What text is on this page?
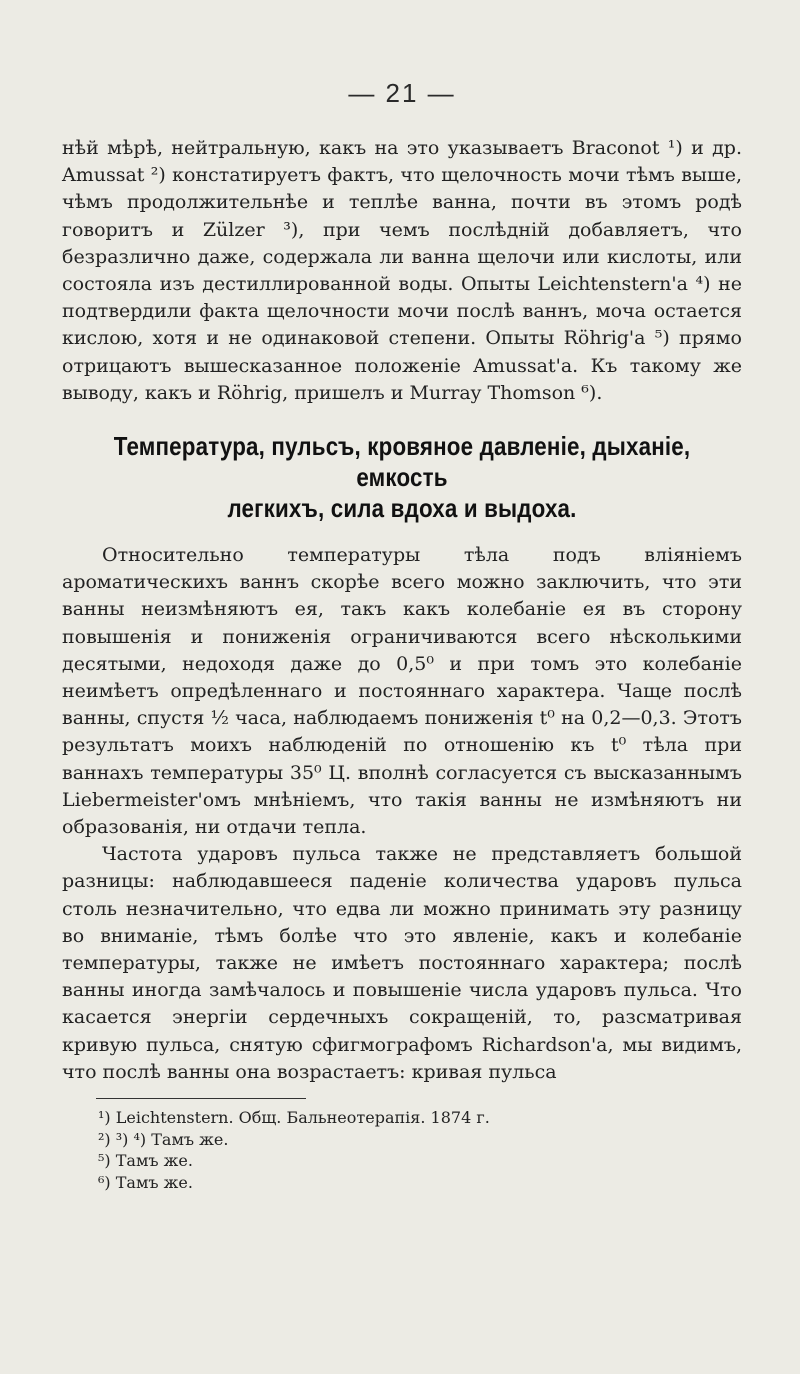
— 21 —

нѣй мѣрѣ, нейтральную, какъ на это указываетъ Braconot ¹) и др. Amussat ²) констатируетъ фактъ, что щелочность мочи тѣмъ выше, чѣмъ продолжительнѣе и теплѣе ванна, почти въ этомъ родѣ говоритъ и Zülzer ³), при чемъ послѣдній добавляетъ, что безразлично даже, содержала ли ванна щелочи или кислоты, или состояла изъ дестиллированной воды. Опыты Leichtenstern'а ⁴) не подтвердили факта щелочности мочи послѣ ваннъ, моча остается кислою, хотя и не одинаковой степени. Опыты Röhrig'а ⁵) прямо отрицаютъ вышесказанное положеніе Amussat'а. Къ такому же выводу, какъ и Röhrig, пришелъ и Murray Thomson ⁶).

Температура, пульсъ, кровяное давленіе, дыханіе, емкость
легкихъ, сила вдоха и выдоха.

Относительно температуры тѣла подъ вліяніемъ ароматическихъ ваннъ скорѣе всего можно заключить, что эти ванны неизмѣняютъ ея, такъ какъ колебаніе ея въ сторону повышенія и пониженія ограничиваются всего нѣсколькими десятыми, недоходя даже до 0,5⁰ и при томъ это колебаніе неимѣетъ опредѣленнаго и постояннаго характера. Чаще послѣ ванны, спустя ½ часа, наблюдаемъ пониженія t⁰ на 0,2—0,3. Этотъ результатъ моихъ наблюденій по отношенію къ t⁰ тѣла при ваннахъ температуры 35⁰ Ц. вполнѣ согласуется съ высказаннымъ Liebermeister'омъ мнѣніемъ, что такія ванны не измѣняютъ ни образованія, ни отдачи тепла.

Частота ударовъ пульса также не представляетъ большой разницы: наблюдавшееся паденіе количества ударовъ пульса столь незначительно, что едва ли можно принимать эту разницу во вниманіе, тѣмъ болѣе что это явленіе, какъ и колебаніе температуры, также не имѣетъ постояннаго характера; послѣ ванны иногда замѣчалось и повышеніе числа ударовъ пульса. Что касается энергіи сердечныхъ сокращеній, то, разсматривая кривую пульса, снятую сфигмографомъ Richardson'а, мы видимъ, что послѣ ванны она возрастаетъ: кривая пульса

¹) Leichtenstern. Общ. Бальнеотерапія. 1874 г.

²) ³) ⁴) Тамъ же.

⁵) Тамъ же.

⁶) Тамъ же.
